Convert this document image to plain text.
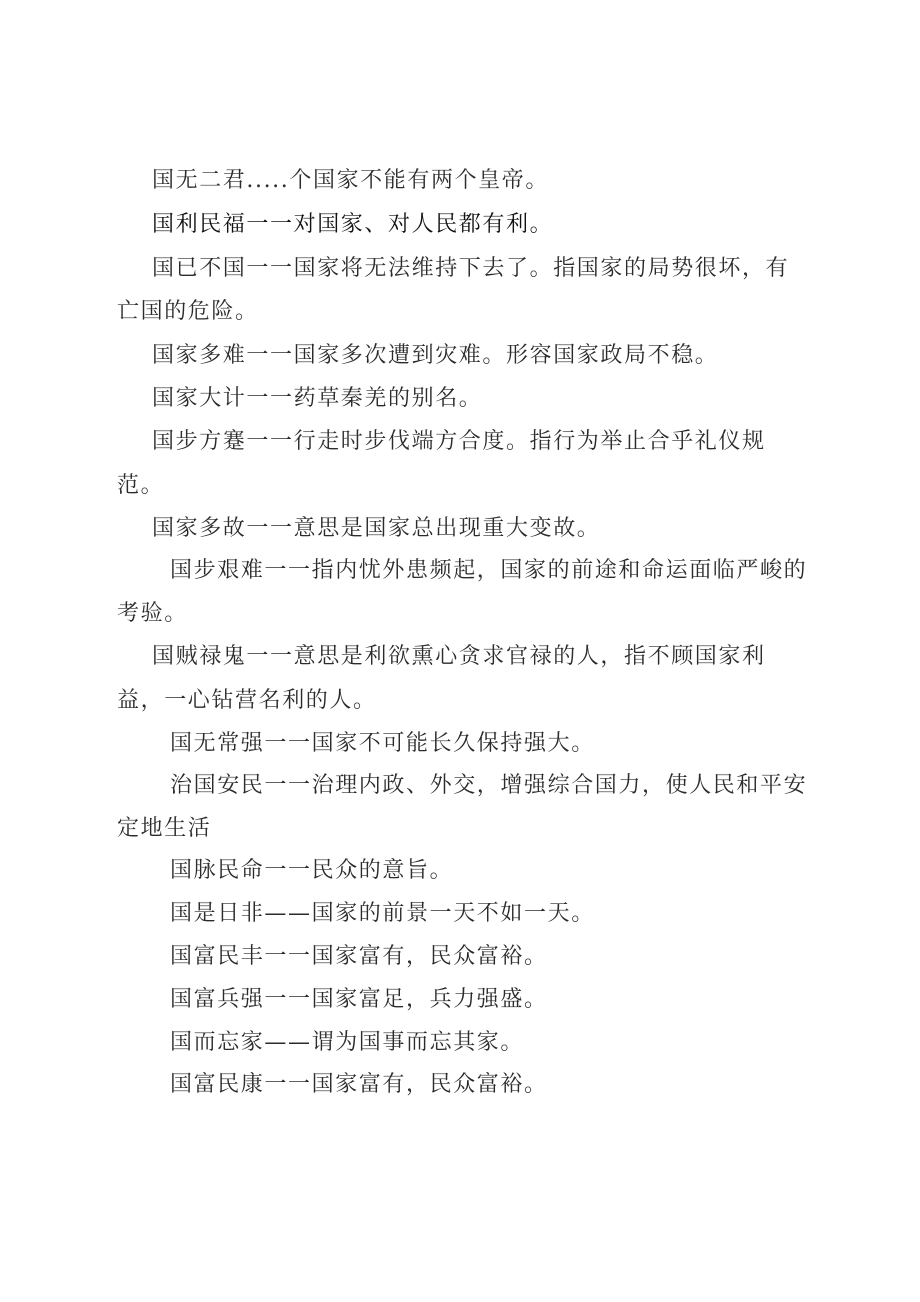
国无二君.....个国家不能有两个皇帝。

国利民福一一对国家、对人民都有利。

国已不国一一国家将无法维持下去了。指国家的局势很坏，有

亡国的危险。

国家多难一一国家多次遭到灾难。形容国家政局不稳。

国家大计一一药草秦羌的别名。

国步方蹇一一行走时步伐端方合度。指行为举止合乎礼仪规

范。

国家多故一一意思是国家总出现重大变故。

国步艰难一一指内忧外患频起，国家的前途和命运面临严峻的

考验。

国贼禄鬼一一意思是利欲熏心贪求官禄的人，指不顾国家利

益，一心钻营名利的人。

国无常强一一国家不可能长久保持强大。

治国安民一一治理内政、外交，增强综合国力，使人民和平安

定地生活

国脉民命一一民众的意旨。

国是日非——国家的前景一天不如一天。

国富民丰一一国家富有，民众富裕。

国富兵强一一国家富足，兵力强盛。

国而忘家——谓为国事而忘其家。

国富民康一一国家富有，民众富裕。
